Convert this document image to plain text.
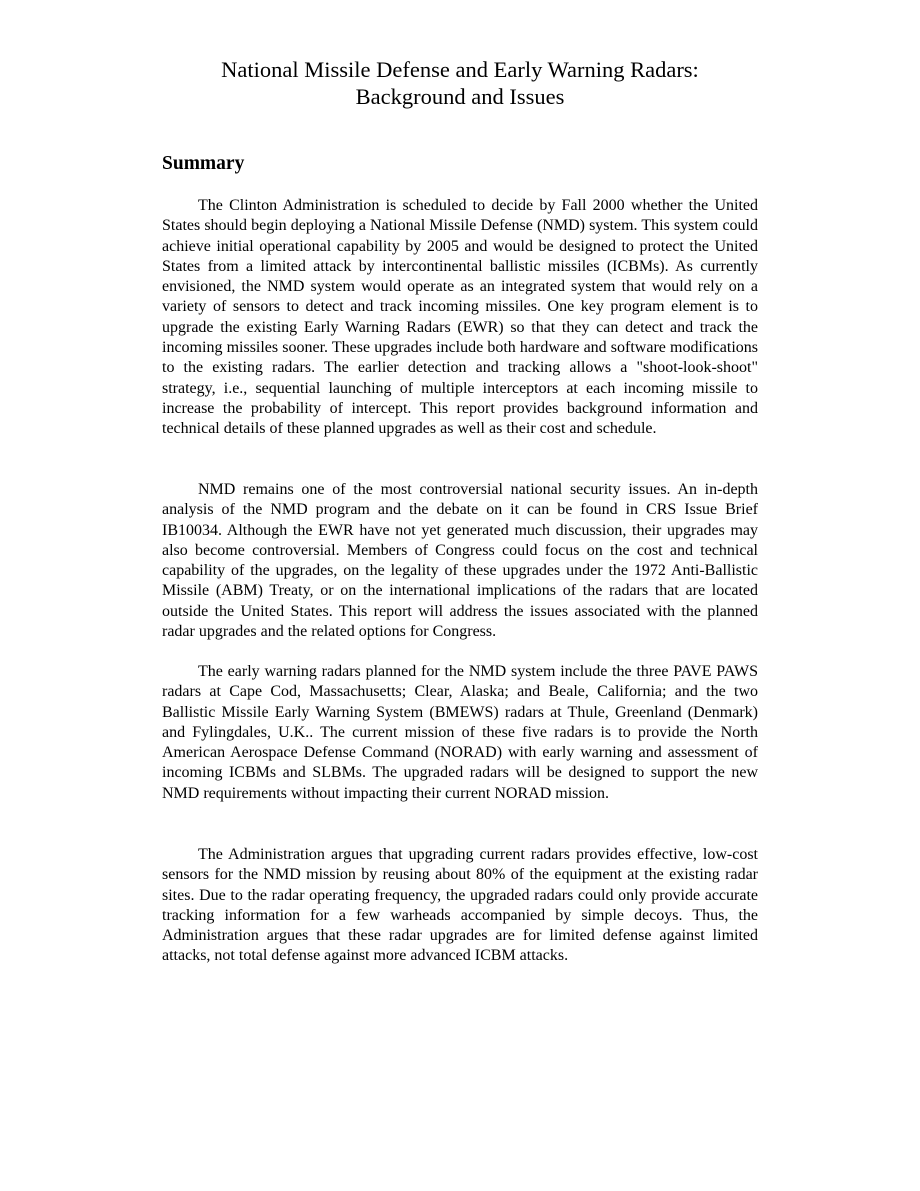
National Missile Defense and Early Warning Radars:
Background and Issues
Summary

The Clinton Administration is scheduled to decide by Fall 2000 whether the United States should begin deploying a National Missile Defense (NMD) system. This system could achieve initial operational capability by 2005 and would be designed to protect the United States from a limited attack by intercontinental ballistic missiles (ICBMs). As currently envisioned, the NMD system would operate as an integrated system that would rely on a variety of sensors to detect and track incoming missiles. One key program element is to upgrade the existing Early Warning Radars (EWR) so that they can detect and track the incoming missiles sooner. These upgrades include both hardware and software modifications to the existing radars. The earlier detection and tracking allows a "shoot-look-shoot" strategy, i.e., sequential launching of multiple interceptors at each incoming missile to increase the probability of intercept. This report provides background information and technical details of these planned upgrades as well as their cost and schedule.

NMD remains one of the most controversial national security issues. An in-depth analysis of the NMD program and the debate on it can be found in CRS Issue Brief IB10034. Although the EWR have not yet generated much discussion, their upgrades may also become controversial. Members of Congress could focus on the cost and technical capability of the upgrades, on the legality of these upgrades under the 1972 Anti-Ballistic Missile (ABM) Treaty, or on the international implications of the radars that are located outside the United States. This report will address the issues associated with the planned radar upgrades and the related options for Congress.

The early warning radars planned for the NMD system include the three PAVE PAWS radars at Cape Cod, Massachusetts; Clear, Alaska; and Beale, California; and the two Ballistic Missile Early Warning System (BMEWS) radars at Thule, Greenland (Denmark) and Fylingdales, U.K.. The current mission of these five radars is to provide the North American Aerospace Defense Command (NORAD) with early warning and assessment of incoming ICBMs and SLBMs. The upgraded radars will be designed to support the new NMD requirements without impacting their current NORAD mission.

The Administration argues that upgrading current radars provides effective, low-cost sensors for the NMD mission by reusing about 80% of the equipment at the existing radar sites. Due to the radar operating frequency, the upgraded radars could only provide accurate tracking information for a few warheads accompanied by simple decoys. Thus, the Administration argues that these radar upgrades are for limited defense against limited attacks, not total defense against more advanced ICBM attacks.
